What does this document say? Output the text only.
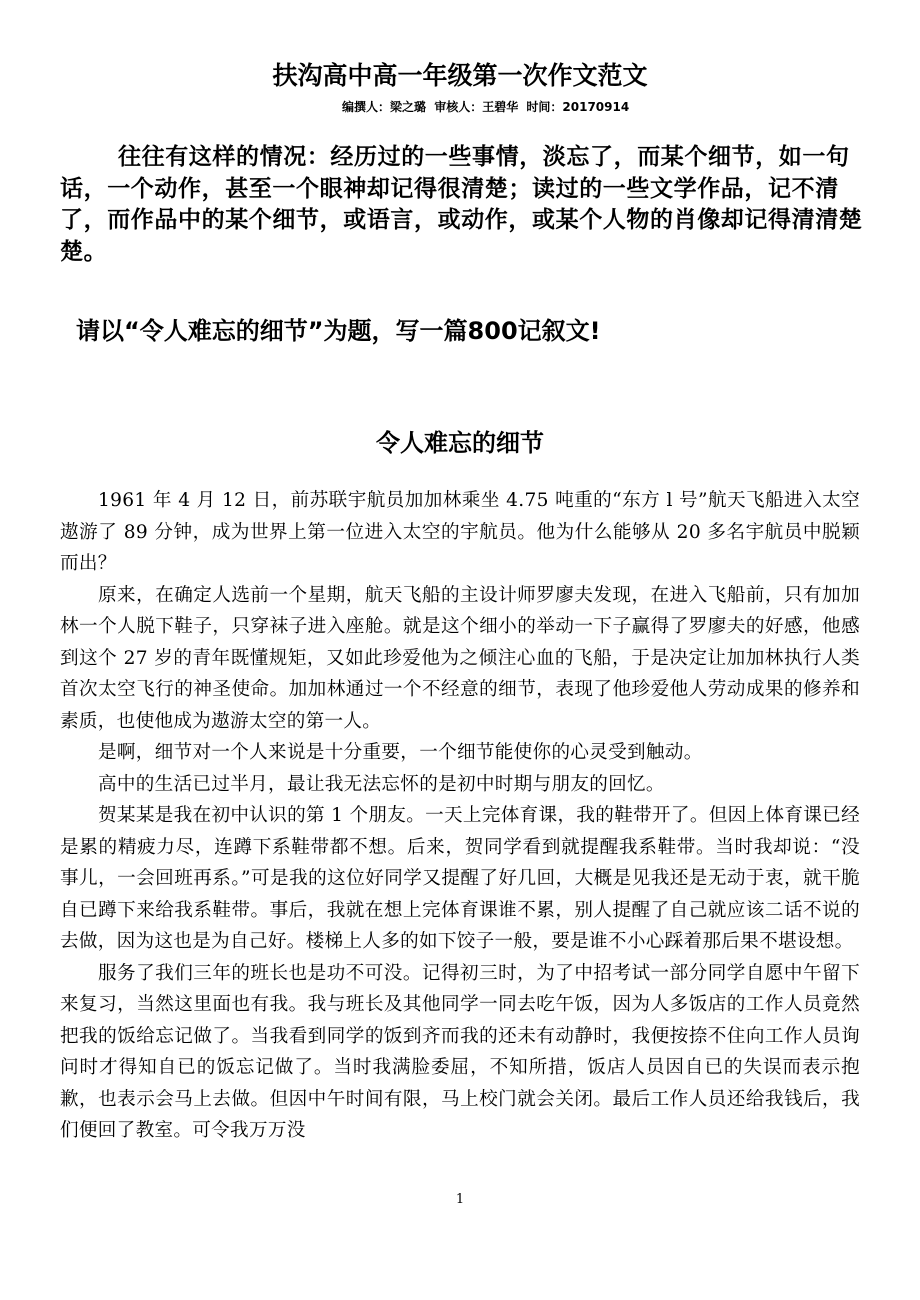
扶沟高中高一年级第一次作文范文
编撰人：梁之璐 审核人：王碧华 时间：20170914

往往有这样的情况：经历过的一些事情，淡忘了，而某个细节，如一句话，一个动作，甚至一个眼神却记得很清楚；读过的一些文学作品，记不清了，而作品中的某个细节，或语言，或动作，或某个人物的肖像却记得清清楚楚。

请以“令人难忘的细节”为题，写一篇800记叙文!

令人难忘的细节

1961 年 4 月 12 日，前苏联宇航员加加林乘坐 4.75 吨重的“东方 l 号”航天飞船进入太空遨游了 89 分钟，成为世界上第一位进入太空的宇航员。他为什么能够从 20 多名宇航员中脱颖而出？

原来，在确定人选前一个星期，航天飞船的主设计师罗廖夫发现，在进入飞船前，只有加加林一个人脱下鞋子，只穿袜子进入座舱。就是这个细小的举动一下子赢得了罗廖夫的好感，他感到这个 27 岁的青年既懂规矩，又如此珍爱他为之倾注心血的飞船，于是决定让加加林执行人类首次太空飞行的神圣使命。加加林通过一个不经意的细节，表现了他珍爱他人劳动成果的修养和素质，也使他成为遨游太空的第一人。

是啊，细节对一个人来说是十分重要，一个细节能使你的心灵受到触动。

高中的生活已过半月，最让我无法忘怀的是初中时期与朋友的回忆。

贺某某是我在初中认识的第 1 个朋友。一天上完体育课，我的鞋带开了。但因上体育课已经是累的精疲力尽，连蹲下系鞋带都不想。后来，贺同学看到就提醒我系鞋带。当时我却说：“没事儿，一会回班再系。”可是我的这位好同学又提醒了好几回，大概是见我还是无动于衷，就干脆自已蹲下来给我系鞋带。事后，我就在想上完体育课谁不累，别人提醒了自己就应该二话不说的去做，因为这也是为自己好。楼梯上人多的如下饺子一般，要是谁不小心踩着那后果不堪设想。

服务了我们三年的班长也是功不可没。记得初三时，为了中招考试一部分同学自愿中午留下来复习，当然这里面也有我。我与班长及其他同学一同去吃午饭，因为人多饭店的工作人员竟然把我的饭给忘记做了。当我看到同学的饭到齐而我的还未有动静时，我便按捺不住向工作人员询问时才得知自已的饭忘记做了。当时我满脸委屈，不知所措，饭店人员因自已的失误而表示抱歉，也表示会马上去做。但因中午时间有限，马上校门就会关闭。最后工作人员还给我钱后，我们便回了教室。可令我万万没

1
